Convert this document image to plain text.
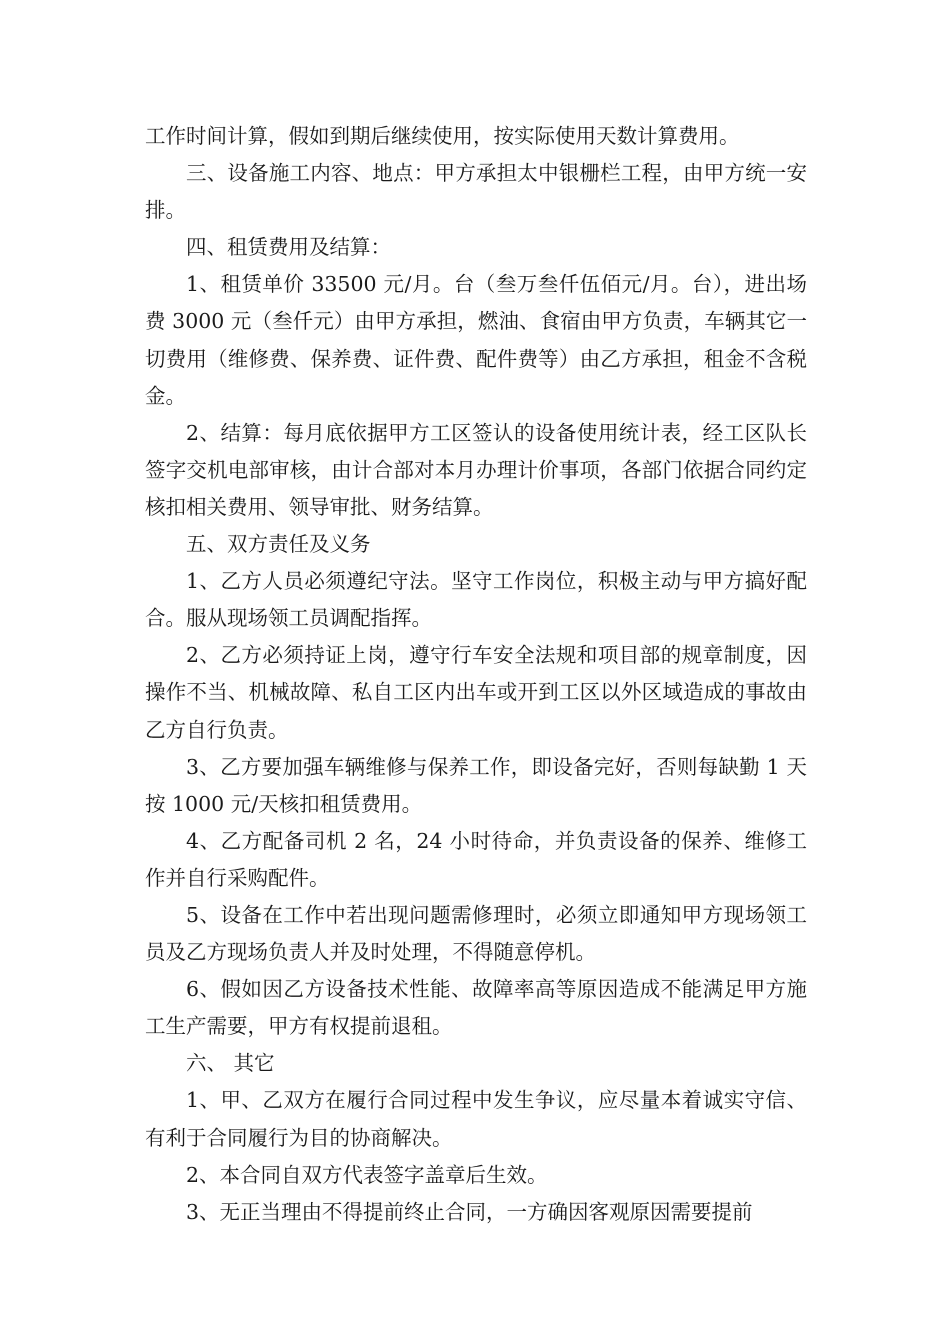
工作时间计算，假如到期后继续使用，按实际使用天数计算费用。

三、设备施工内容、地点：甲方承担太中银栅栏工程，由甲方统一安排。

四、租赁费用及结算：

1、租赁单价 33500 元/月。台（叁万叁仟伍佰元/月。台），进出场费 3000 元（叁仟元）由甲方承担，燃油、食宿由甲方负责，车辆其它一切费用（维修费、保养费、证件费、配件费等）由乙方承担，租金不含税金。

2、结算：每月底依据甲方工区签认的设备使用统计表，经工区队长签字交机电部审核，由计合部对本月办理计价事项，各部门依据合同约定核扣相关费用、领导审批、财务结算。

五、双方责任及义务

1、乙方人员必须遵纪守法。坚守工作岗位，积极主动与甲方搞好配合。服从现场领工员调配指挥。

2、乙方必须持证上岗，遵守行车安全法规和项目部的规章制度，因操作不当、机械故障、私自工区内出车或开到工区以外区域造成的事故由乙方自行负责。

3、乙方要加强车辆维修与保养工作，即设备完好，否则每缺勤 1 天按 1000 元/天核扣租赁费用。

4、乙方配备司机 2 名，24 小时待命，并负责设备的保养、维修工作并自行采购配件。

5、设备在工作中若出现问题需修理时，必须立即通知甲方现场领工员及乙方现场负责人并及时处理，不得随意停机。

6、假如因乙方设备技术性能、故障率高等原因造成不能满足甲方施工生产需要，甲方有权提前退租。

六、 其它

1、甲、乙双方在履行合同过程中发生争议，应尽量本着诚实守信、有利于合同履行为目的协商解决。

2、本合同自双方代表签字盖章后生效。

3、无正当理由不得提前终止合同，一方确因客观原因需要提前
